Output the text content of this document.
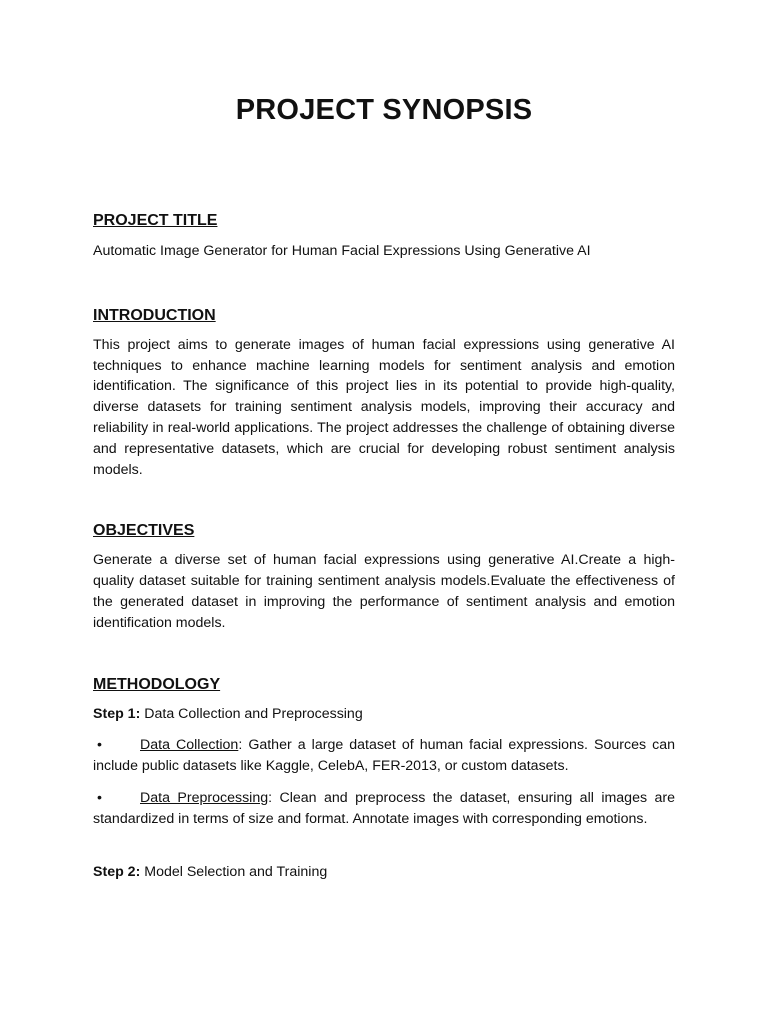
PROJECT SYNOPSIS
PROJECT TITLE

Automatic Image Generator for Human Facial Expressions Using Generative AI

INTRODUCTION

This project aims to generate images of human facial expressions using generative AI techniques to enhance machine learning models for sentiment analysis and emotion identification. The significance of this project lies in its potential to provide high-quality, diverse datasets for training sentiment analysis models, improving their accuracy and reliability in real-world applications. The project addresses the challenge of obtaining diverse and representative datasets, which are crucial for developing robust sentiment analysis models.

OBJECTIVES

Generate a diverse set of human facial expressions using generative AI.Create a high-quality dataset suitable for training sentiment analysis models.Evaluate the effectiveness of the generated dataset in improving the performance of sentiment analysis and emotion identification models.

METHODOLOGY

Step 1: Data Collection and Preprocessing

•	Data Collection: Gather a large dataset of human facial expressions. Sources can include public datasets like Kaggle, CelebA, FER-2013, or custom datasets.

•	Data Preprocessing: Clean and preprocess the dataset, ensuring all images are standardized in terms of size and format. Annotate images with corresponding emotions.

Step 2: Model Selection and Training
